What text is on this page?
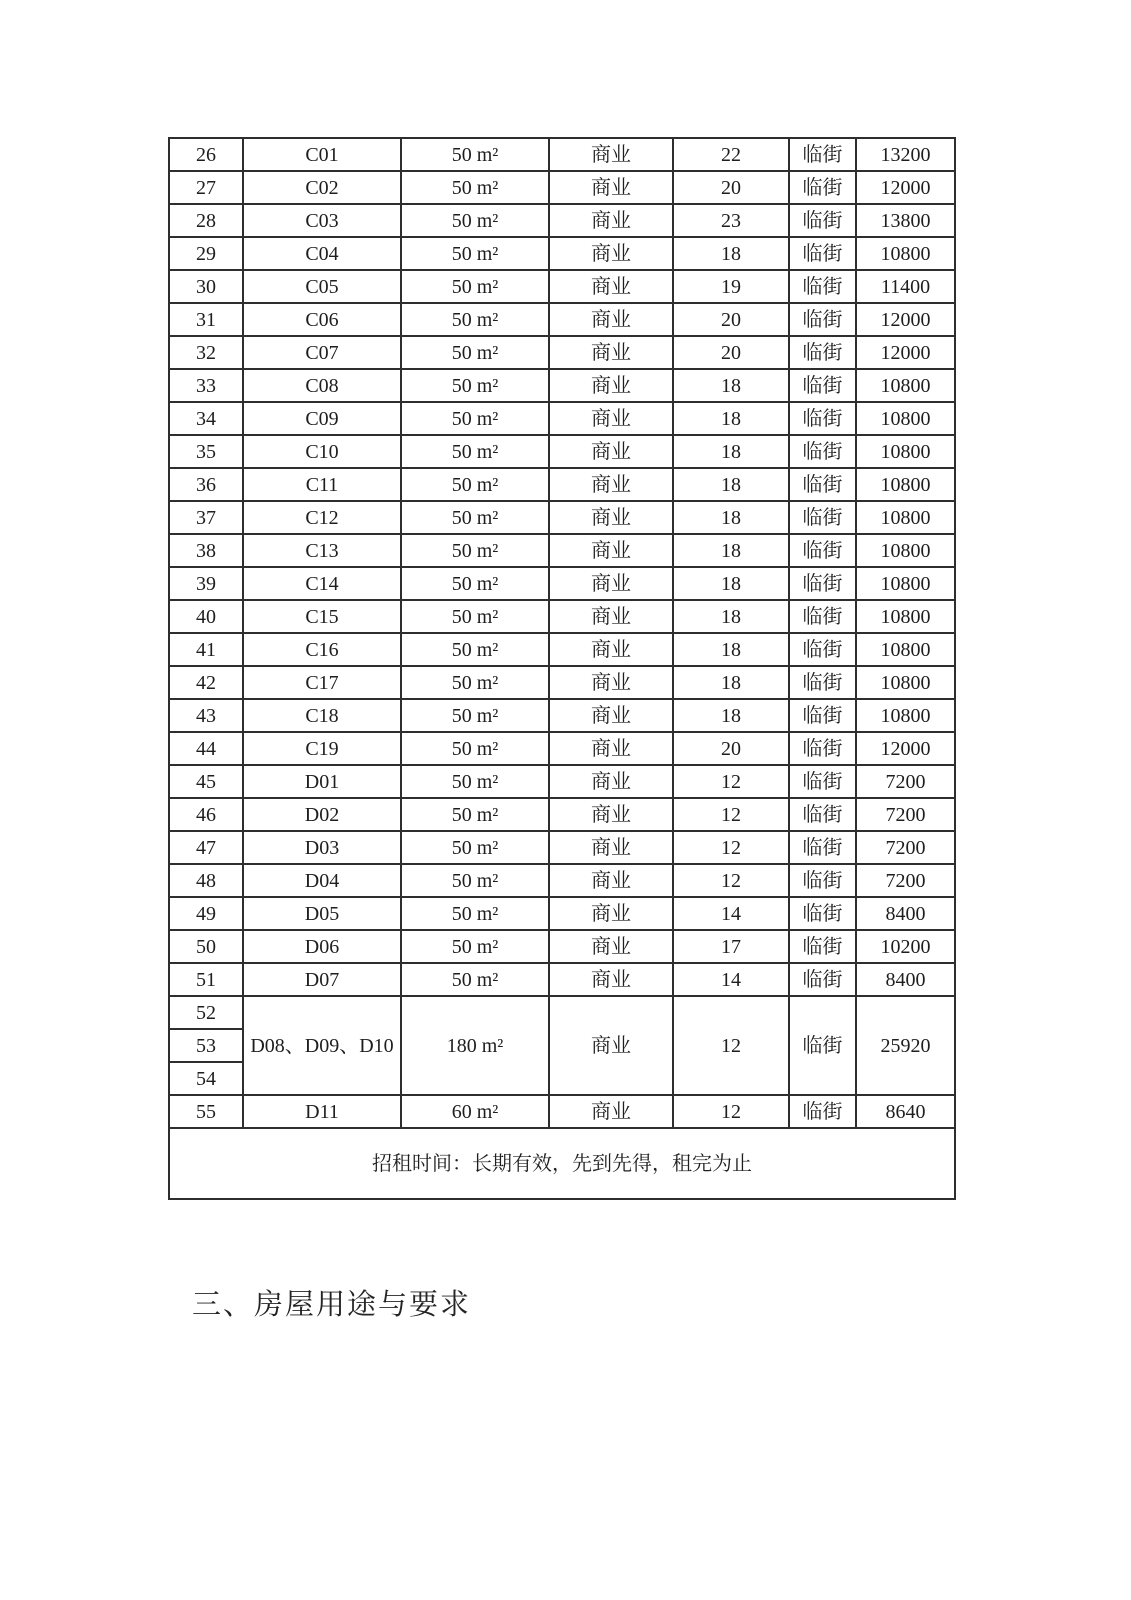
26	C01	50 m²	商业	22	临街	13200
27	C02	50 m²	商业	20	临街	12000
28	C03	50 m²	商业	23	临街	13800
29	C04	50 m²	商业	18	临街	10800
30	C05	50 m²	商业	19	临街	11400
31	C06	50 m²	商业	20	临街	12000
32	C07	50 m²	商业	20	临街	12000
33	C08	50 m²	商业	18	临街	10800
34	C09	50 m²	商业	18	临街	10800
35	C10	50 m²	商业	18	临街	10800
36	C11	50 m²	商业	18	临街	10800
37	C12	50 m²	商业	18	临街	10800
38	C13	50 m²	商业	18	临街	10800
39	C14	50 m²	商业	18	临街	10800
40	C15	50 m²	商业	18	临街	10800
41	C16	50 m²	商业	18	临街	10800
42	C17	50 m²	商业	18	临街	10800
43	C18	50 m²	商业	18	临街	10800
44	C19	50 m²	商业	20	临街	12000
45	D01	50 m²	商业	12	临街	7200
46	D02	50 m²	商业	12	临街	7200
47	D03	50 m²	商业	12	临街	7200
48	D04	50 m²	商业	12	临街	7200
49	D05	50 m²	商业	14	临街	8400
50	D06	50 m²	商业	17	临街	10200
51	D07	50 m²	商业	14	临街	8400
52	D08、D09、D10	180 m²	商业	12	临街	25920
53						
54						
55	D11	60 m²	商业	12	临街	8640
招租时间：长期有效，先到先得，租完为止						
三、房屋用途与要求
